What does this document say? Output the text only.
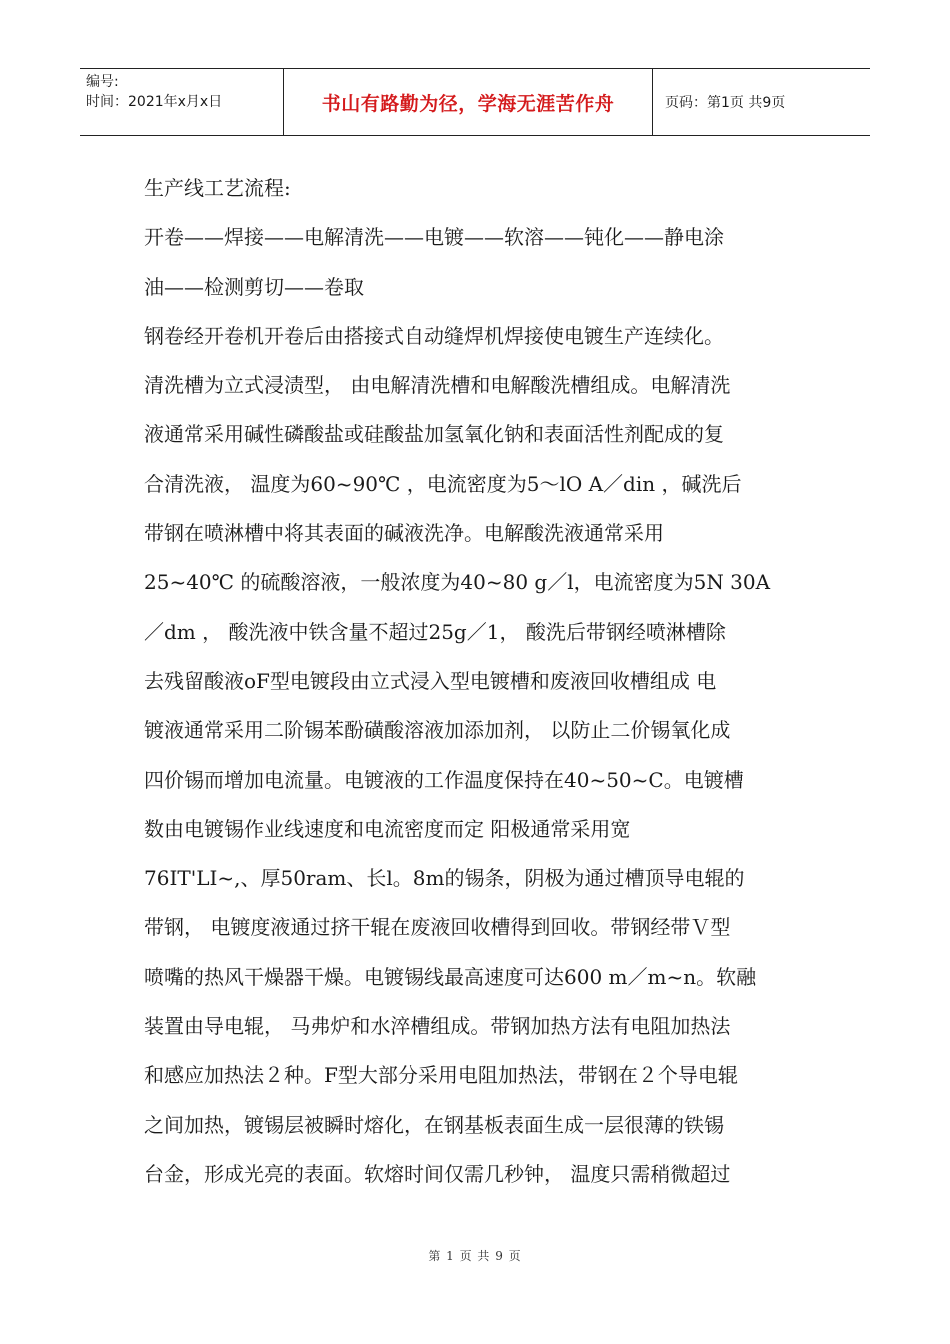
编号:
时间：2021年x月x日	书山有路勤为径，学海无涯苦作舟	页码：第1页 共9页

生产线工艺流程:

开卷——焊接——电解清洗——电镀——软溶——钝化——静电涂

油——检测剪切——卷取

钢卷经开卷机开卷后由搭接式自动缝焊机焊接使电镀生产连续化。

清洗槽为立式浸渍型， 由电解清洗槽和电解酸洗槽组成。电解清洗

液通常采用碱性磷酸盐或硅酸盐加氢氧化钠和表面活性剂配成的复

合清洗液， 温度为60~90℃ ，电流密度为5～lO A／din ，碱洗后

带钢在喷淋槽中将其表面的碱液洗净。电解酸洗液通常采用

25~40℃ 的硫酸溶液，一般浓度为40~80 g／l，电流密度为5N 30A

／dm ， 酸洗液中铁含量不超过25g／1， 酸洗后带钢经喷淋槽除

去残留酸液oF型电镀段由立式浸入型电镀槽和废液回收槽组成 电

镀液通常采用二阶锡苯酚磺酸溶液加添加剂， 以防止二价锡氧化成

四价锡而增加电流量。电镀液的工作温度保持在40~50~C。电镀槽

数由电镀锡作业线速度和电流密度而定 阳极通常采用宽

76IT'LI~,、厚50ram、长l。8m的锡条，阴极为通过槽顶导电辊的

带钢， 电镀度液通过挤干辊在废液回收槽得到回收。带钢经带Ｖ型

喷嘴的热风干燥器干燥。电镀锡线最高速度可达600 m／m~n。软融

装置由导电辊， 马弗炉和水淬槽组成。带钢加热方法有电阻加热法

和感应加热法２种。F型大部分采用电阻加热法，带钢在２个导电辊

之间加热，镀锡层被瞬时熔化，在钢基板表面生成一层很薄的铁锡

台金，形成光亮的表面。软熔时间仅需几秒钟， 温度只需稍微超过

第 1 页 共 9 页
